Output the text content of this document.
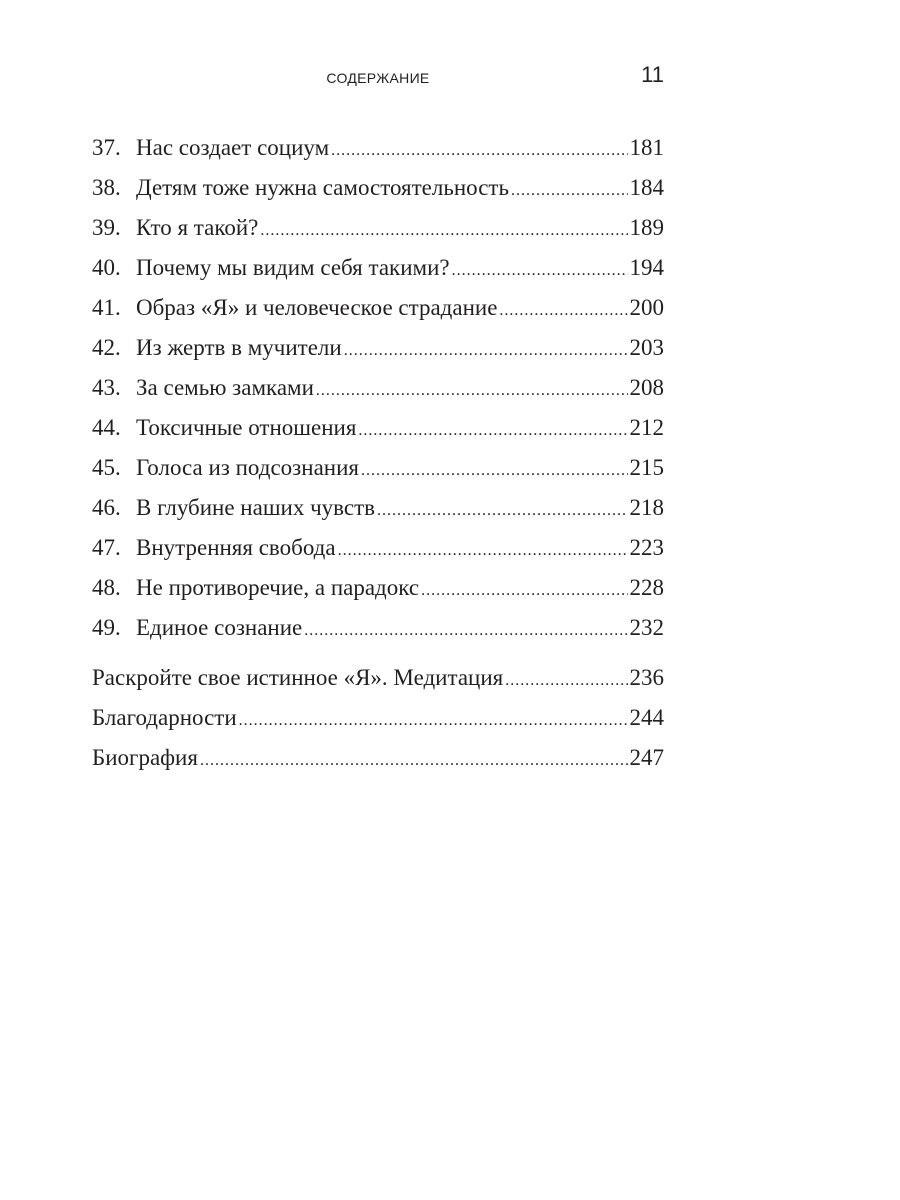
СОДЕРЖАНИЕ	11
37. Нас создает социум . . .	181
38. Детям тоже нужна самостоятельность . . .	184
39. Кто я такой? . . .	189
40. Почему мы видим себя такими? . . .	194
41. Образ «Я» и человеческое страдание . . .	200
42. Из жертв в мучители . . .	203
43. За семью замками . . .	208
44. Токсичные отношения . . .	212
45. Голоса из подсознания . . .	215
46. В глубине наших чувств . . .	218
47. Внутренняя свобода . . .	223
48. Не противоречие, а парадокс . . .	228
49. Единое сознание . . .	232
Раскройте свое истинное «Я». Медитация . . .	236
Благодарности . . .	244
Биография . . .	247
